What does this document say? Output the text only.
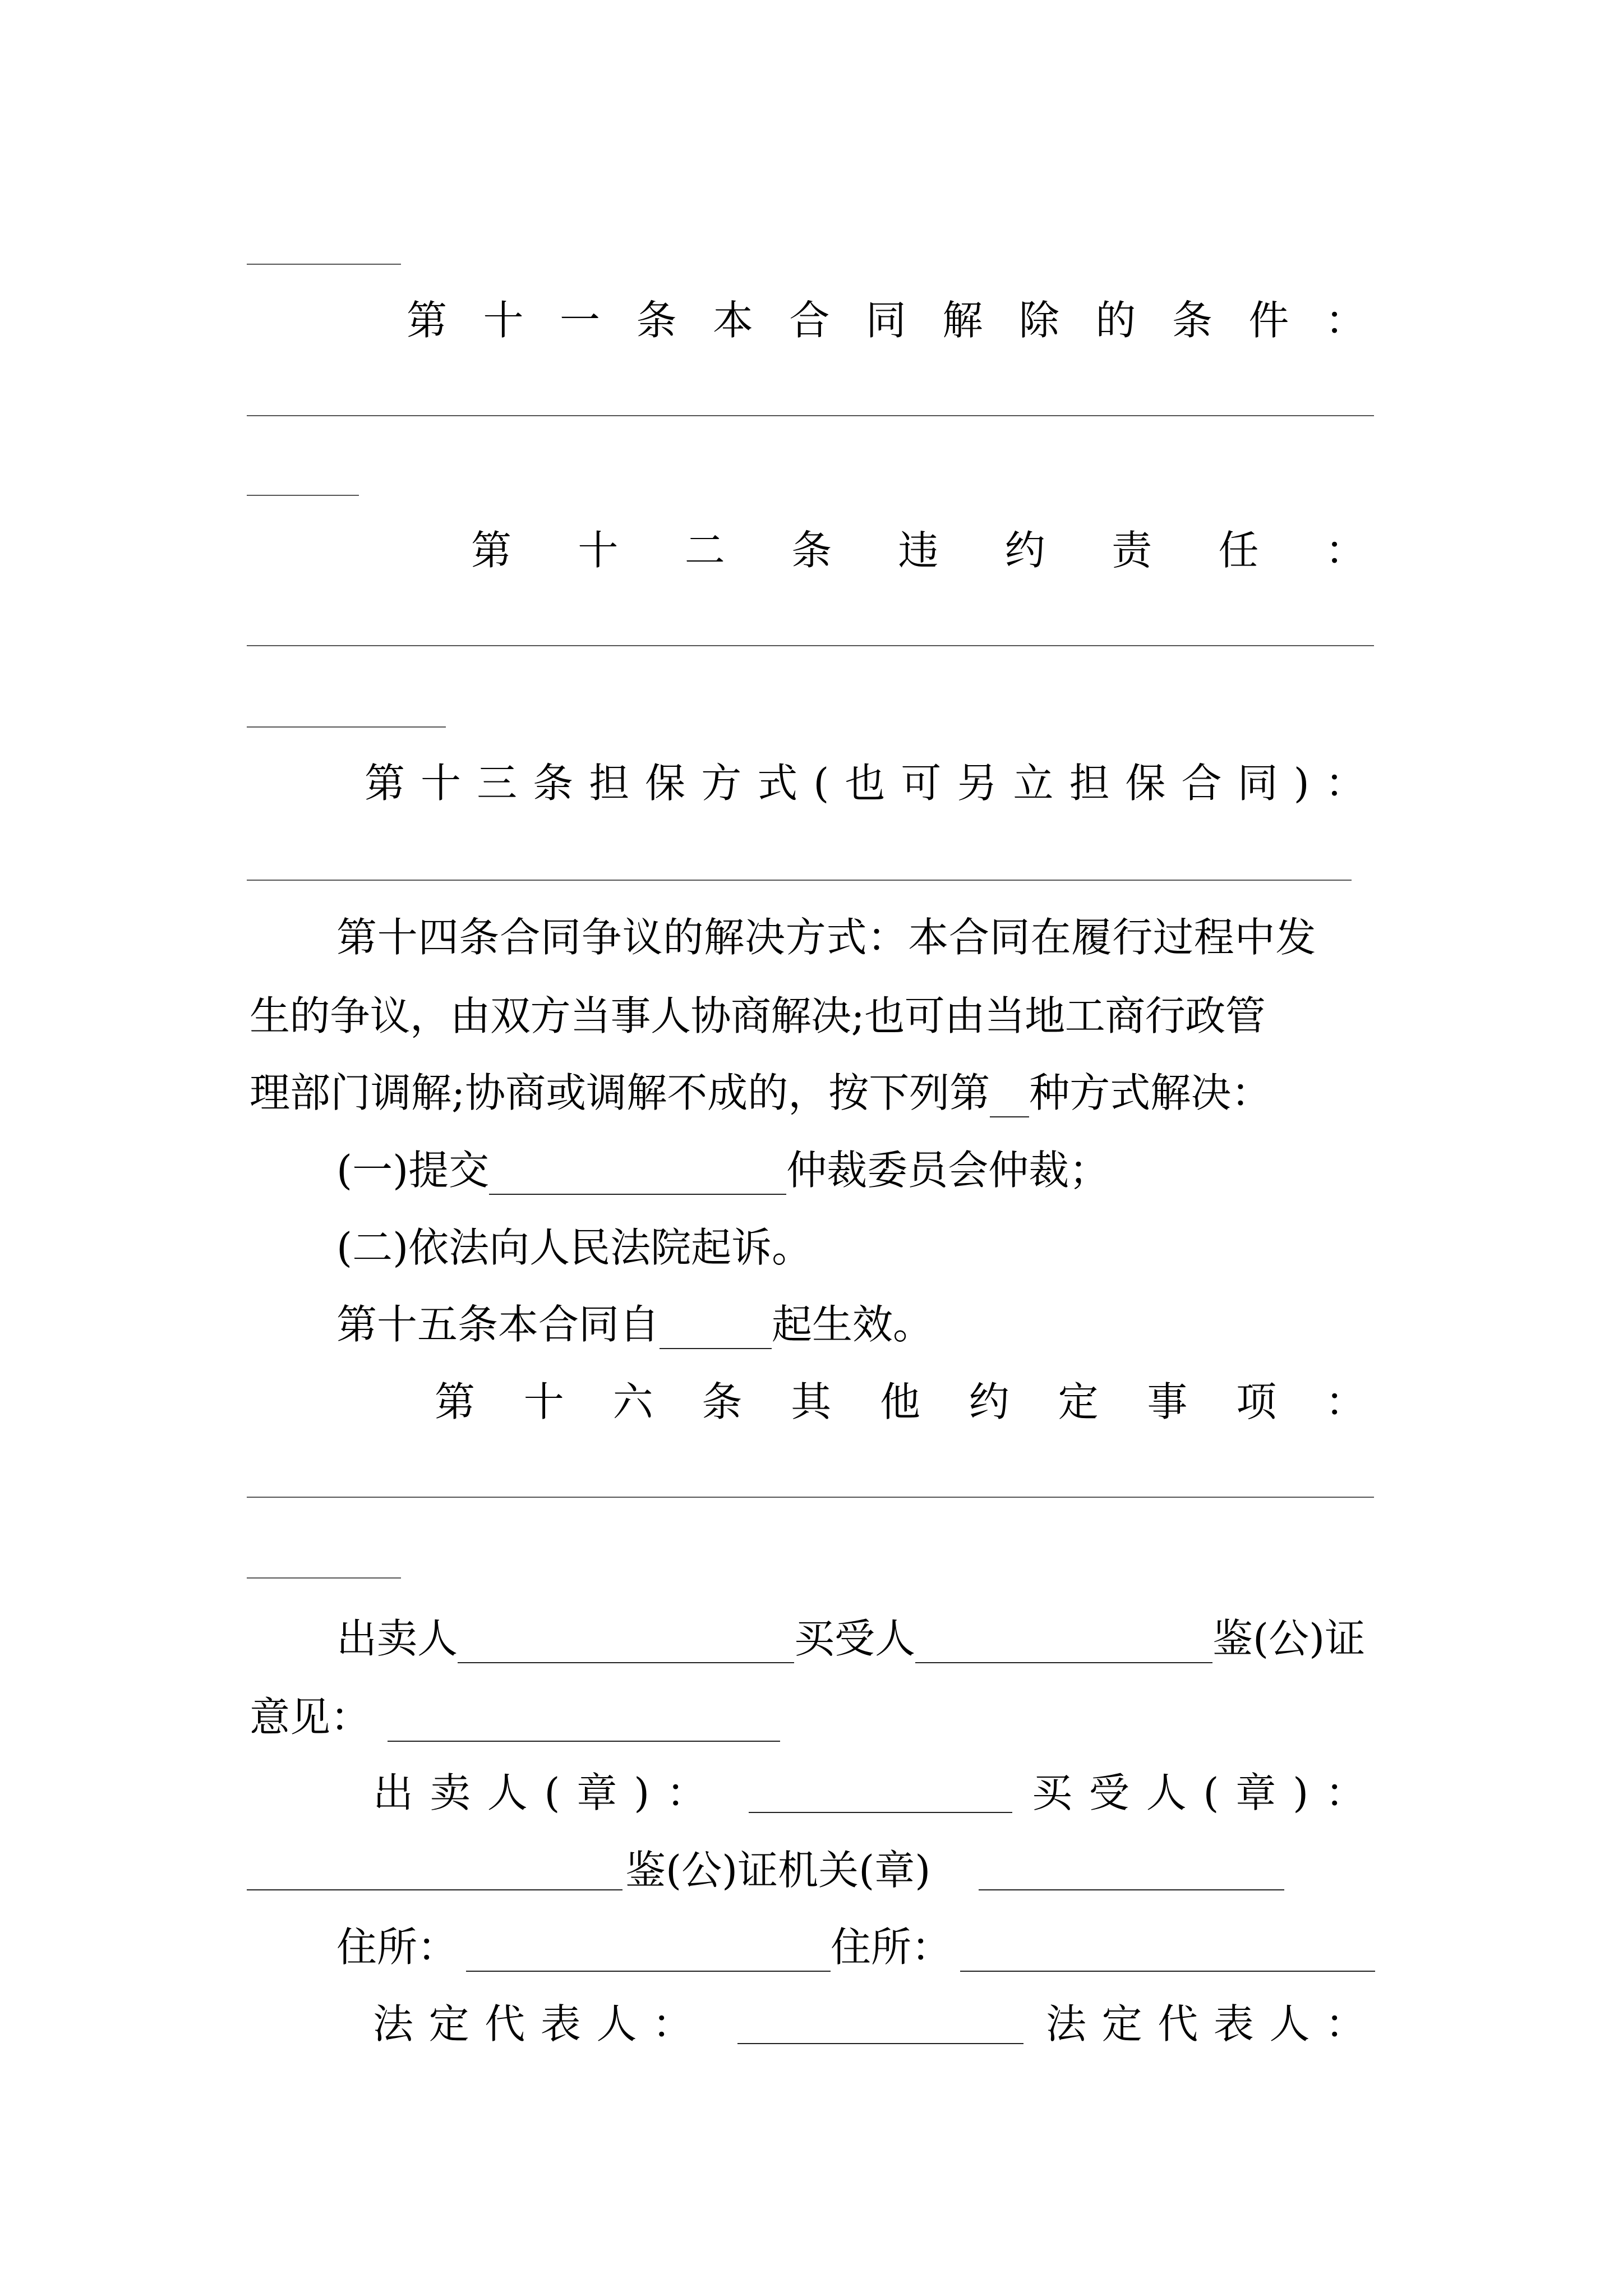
第 十 一 条 本 合 同 解 除 的 条 件 ：
第 十 二 条 违 约 责 任 ：
第 十 三 条 担 保 方 式 ( 也 可 另 立 担 保 合 同 ) ：
第十四条合同争议的解决方式：本合同在履行过程中发
生的争议，由双方当事人协商解决;也可由当地工商行政管
理部门调解;协商或调解不成的，按下列第 种方式解决：
(一)提交	仲裁委员会仲裁；
(二)依法向人民法院起诉。
第十五条本合同自	起生效。
第 十 六 条 其 他 约 定 事 项 ：
出卖人	买受人	鉴(公)证
意见：
出 卖 人 ( 章 ) ：	买 受 人 ( 章 ) ：
鉴(公)证机关(章)
住所：	住所：
法 定 代 表 人 ：	法 定 代 表 人 ：
